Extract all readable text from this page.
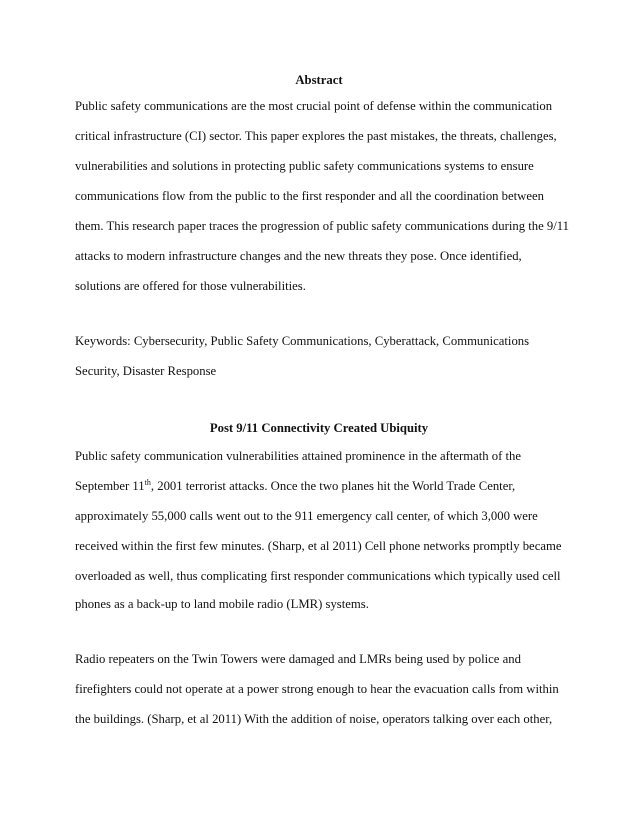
Abstract
Public safety communications are the most crucial point of defense within the communication
critical infrastructure (CI) sector. This paper explores the past mistakes, the threats, challenges,
vulnerabilities and solutions in protecting public safety communications systems to ensure
communications flow from the public to the first responder and all the coordination between
them. This research paper traces the progression of public safety communications during the 9/11
attacks to modern infrastructure changes and the new threats they pose. Once identified,
solutions are offered for those vulnerabilities.
Keywords: Cybersecurity, Public Safety Communications, Cyberattack, Communications
Security, Disaster Response
Post 9/11 Connectivity Created Ubiquity
Public safety communication vulnerabilities attained prominence in the aftermath of the
September 11th, 2001 terrorist attacks. Once the two planes hit the World Trade Center,
approximately 55,000 calls went out to the 911 emergency call center, of which 3,000 were
received within the first few minutes. (Sharp, et al 2011) Cell phone networks promptly became
overloaded as well, thus complicating first responder communications which typically used cell
phones as a back-up to land mobile radio (LMR) systems.
Radio repeaters on the Twin Towers were damaged and LMRs being used by police and
firefighters could not operate at a power strong enough to hear the evacuation calls from within
the buildings. (Sharp, et al 2011) With the addition of noise, operators talking over each other,
